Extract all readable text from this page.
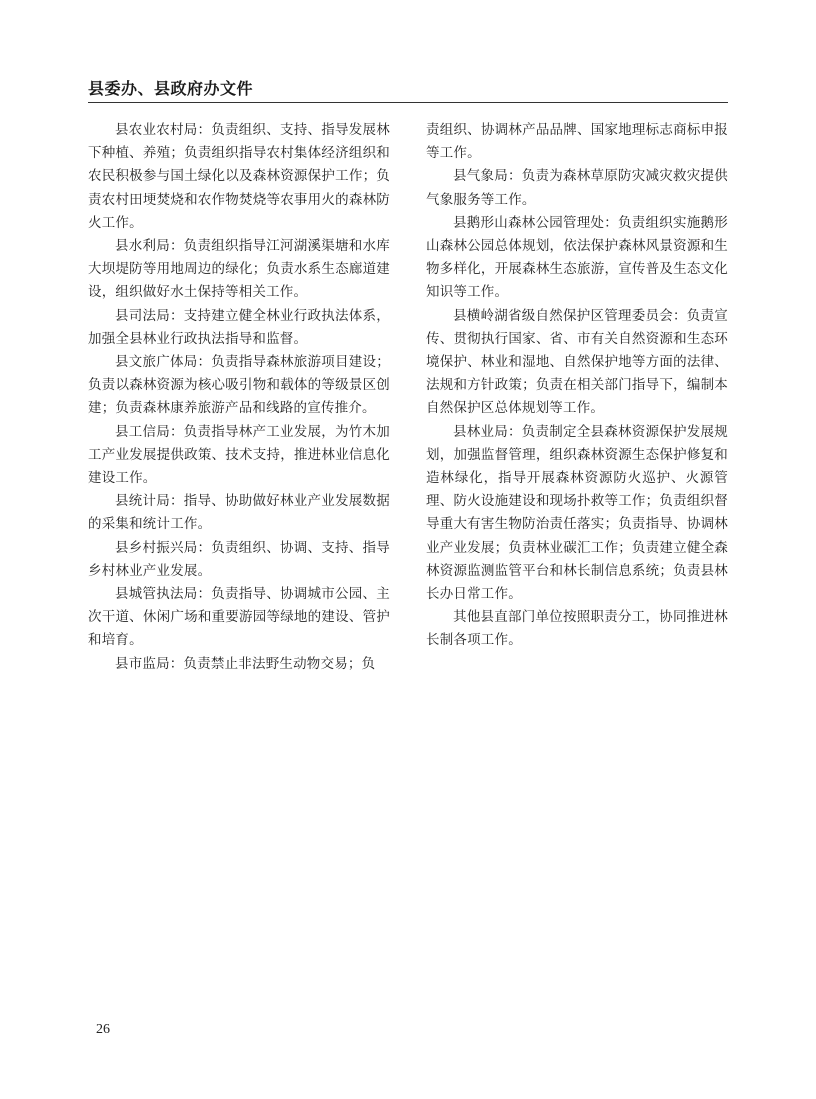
县委办、县政府办文件

县农业农村局：负责组织、支持、指导发展林下种植、养殖；负责组织指导农村集体经济组织和农民积极参与国土绿化以及森林资源保护工作；负责农村田埂焚烧和农作物焚烧等农事用火的森林防火工作。

县水利局：负责组织指导江河湖溪渠塘和水库大坝堤防等用地周边的绿化；负责水系生态廊道建设，组织做好水土保持等相关工作。

县司法局：支持建立健全林业行政执法体系，加强全县林业行政执法指导和监督。

县文旅广体局：负责指导森林旅游项目建设；负责以森林资源为核心吸引物和载体的等级景区创建；负责森林康养旅游产品和线路的宣传推介。

县工信局：负责指导林产工业发展，为竹木加工产业发展提供政策、技术支持，推进林业信息化建设工作。

县统计局：指导、协助做好林业产业发展数据的采集和统计工作。

县乡村振兴局：负责组织、协调、支持、指导乡村林业产业发展。

县城管执法局：负责指导、协调城市公园、主次干道、休闲广场和重要游园等绿地的建设、管护和培育。

县市监局：负责禁止非法野生动物交易；负

责组织、协调林产品品牌、国家地理标志商标申报等工作。

县气象局：负责为森林草原防灾减灾救灾提供气象服务等工作。

县鹅形山森林公园管理处：负责组织实施鹅形山森林公园总体规划，依法保护森林风景资源和生物多样化，开展森林生态旅游，宣传普及生态文化知识等工作。

县横岭湖省级自然保护区管理委员会：负责宣传、贯彻执行国家、省、市有关自然资源和生态环境保护、林业和湿地、自然保护地等方面的法律、法规和方针政策；负责在相关部门指导下，编制本自然保护区总体规划等工作。

县林业局：负责制定全县森林资源保护发展规划，加强监督管理，组织森林资源生态保护修复和造林绿化，指导开展森林资源防火巡护、火源管理、防火设施建设和现场扑救等工作；负责组织督导重大有害生物防治责任落实；负责指导、协调林业产业发展；负责林业碳汇工作；负责建立健全森林资源监测监管平台和林长制信息系统；负责县林长办日常工作。

其他县直部门单位按照职责分工，协同推进林长制各项工作。

26
